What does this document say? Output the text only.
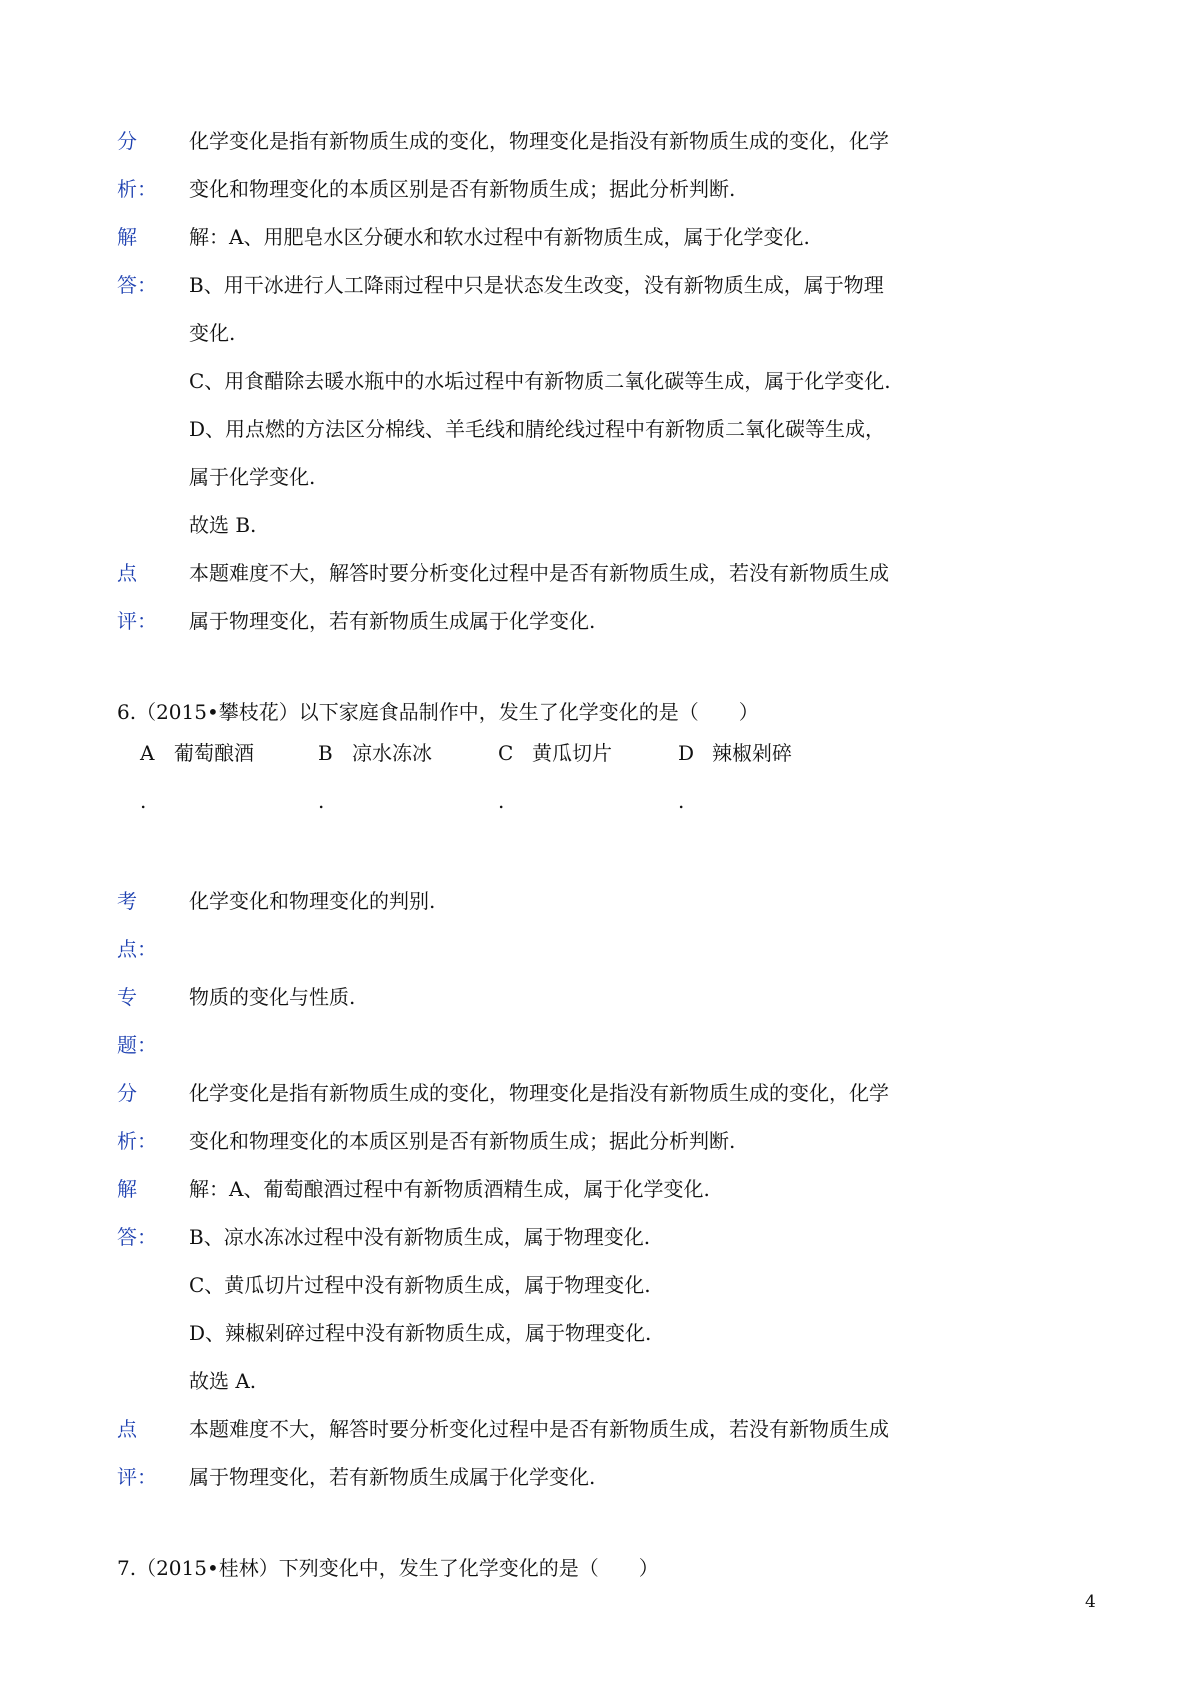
分	化学变化是指有新物质生成的变化，物理变化是指没有新物质生成的变化，化学
析：	变化和物理变化的本质区别是否有新物质生成；据此分析判断.
解	解：A、用肥皂水区分硬水和软水过程中有新物质生成，属于化学变化.
答：	B、用干冰进行人工降雨过程中只是状态发生改变，没有新物质生成，属于物理
变化.
C、用食醋除去暖水瓶中的水垢过程中有新物质二氧化碳等生成，属于化学变化.
D、用点燃的方法区分棉线、羊毛线和腈纶线过程中有新物质二氧化碳等生成，
属于化学变化.
故选 B.
点	本题难度不大，解答时要分析变化过程中是否有新物质生成，若没有新物质生成
评：	属于物理变化，若有新物质生成属于化学变化.
6.（2015•攀枝花）以下家庭食品制作中，发生了化学变化的是（　　）
A 葡萄酿酒
.
B 凉水冻冰
.
C 黄瓜切片
.
D 辣椒剁碎
.
考	化学变化和物理变化的判别.
点：
专	物质的变化与性质.
题：
分	化学变化是指有新物质生成的变化，物理变化是指没有新物质生成的变化，化学
析：	变化和物理变化的本质区别是否有新物质生成；据此分析判断.
解	解：A、葡萄酿酒过程中有新物质酒精生成，属于化学变化.
答：	B、凉水冻冰过程中没有新物质生成，属于物理变化.
C、黄瓜切片过程中没有新物质生成，属于物理变化.
D、辣椒剁碎过程中没有新物质生成，属于物理变化.
故选 A.
点	本题难度不大，解答时要分析变化过程中是否有新物质生成，若没有新物质生成
评：	属于物理变化，若有新物质生成属于化学变化.
7.（2015•桂林）下列变化中，发生了化学变化的是（　　）
4
